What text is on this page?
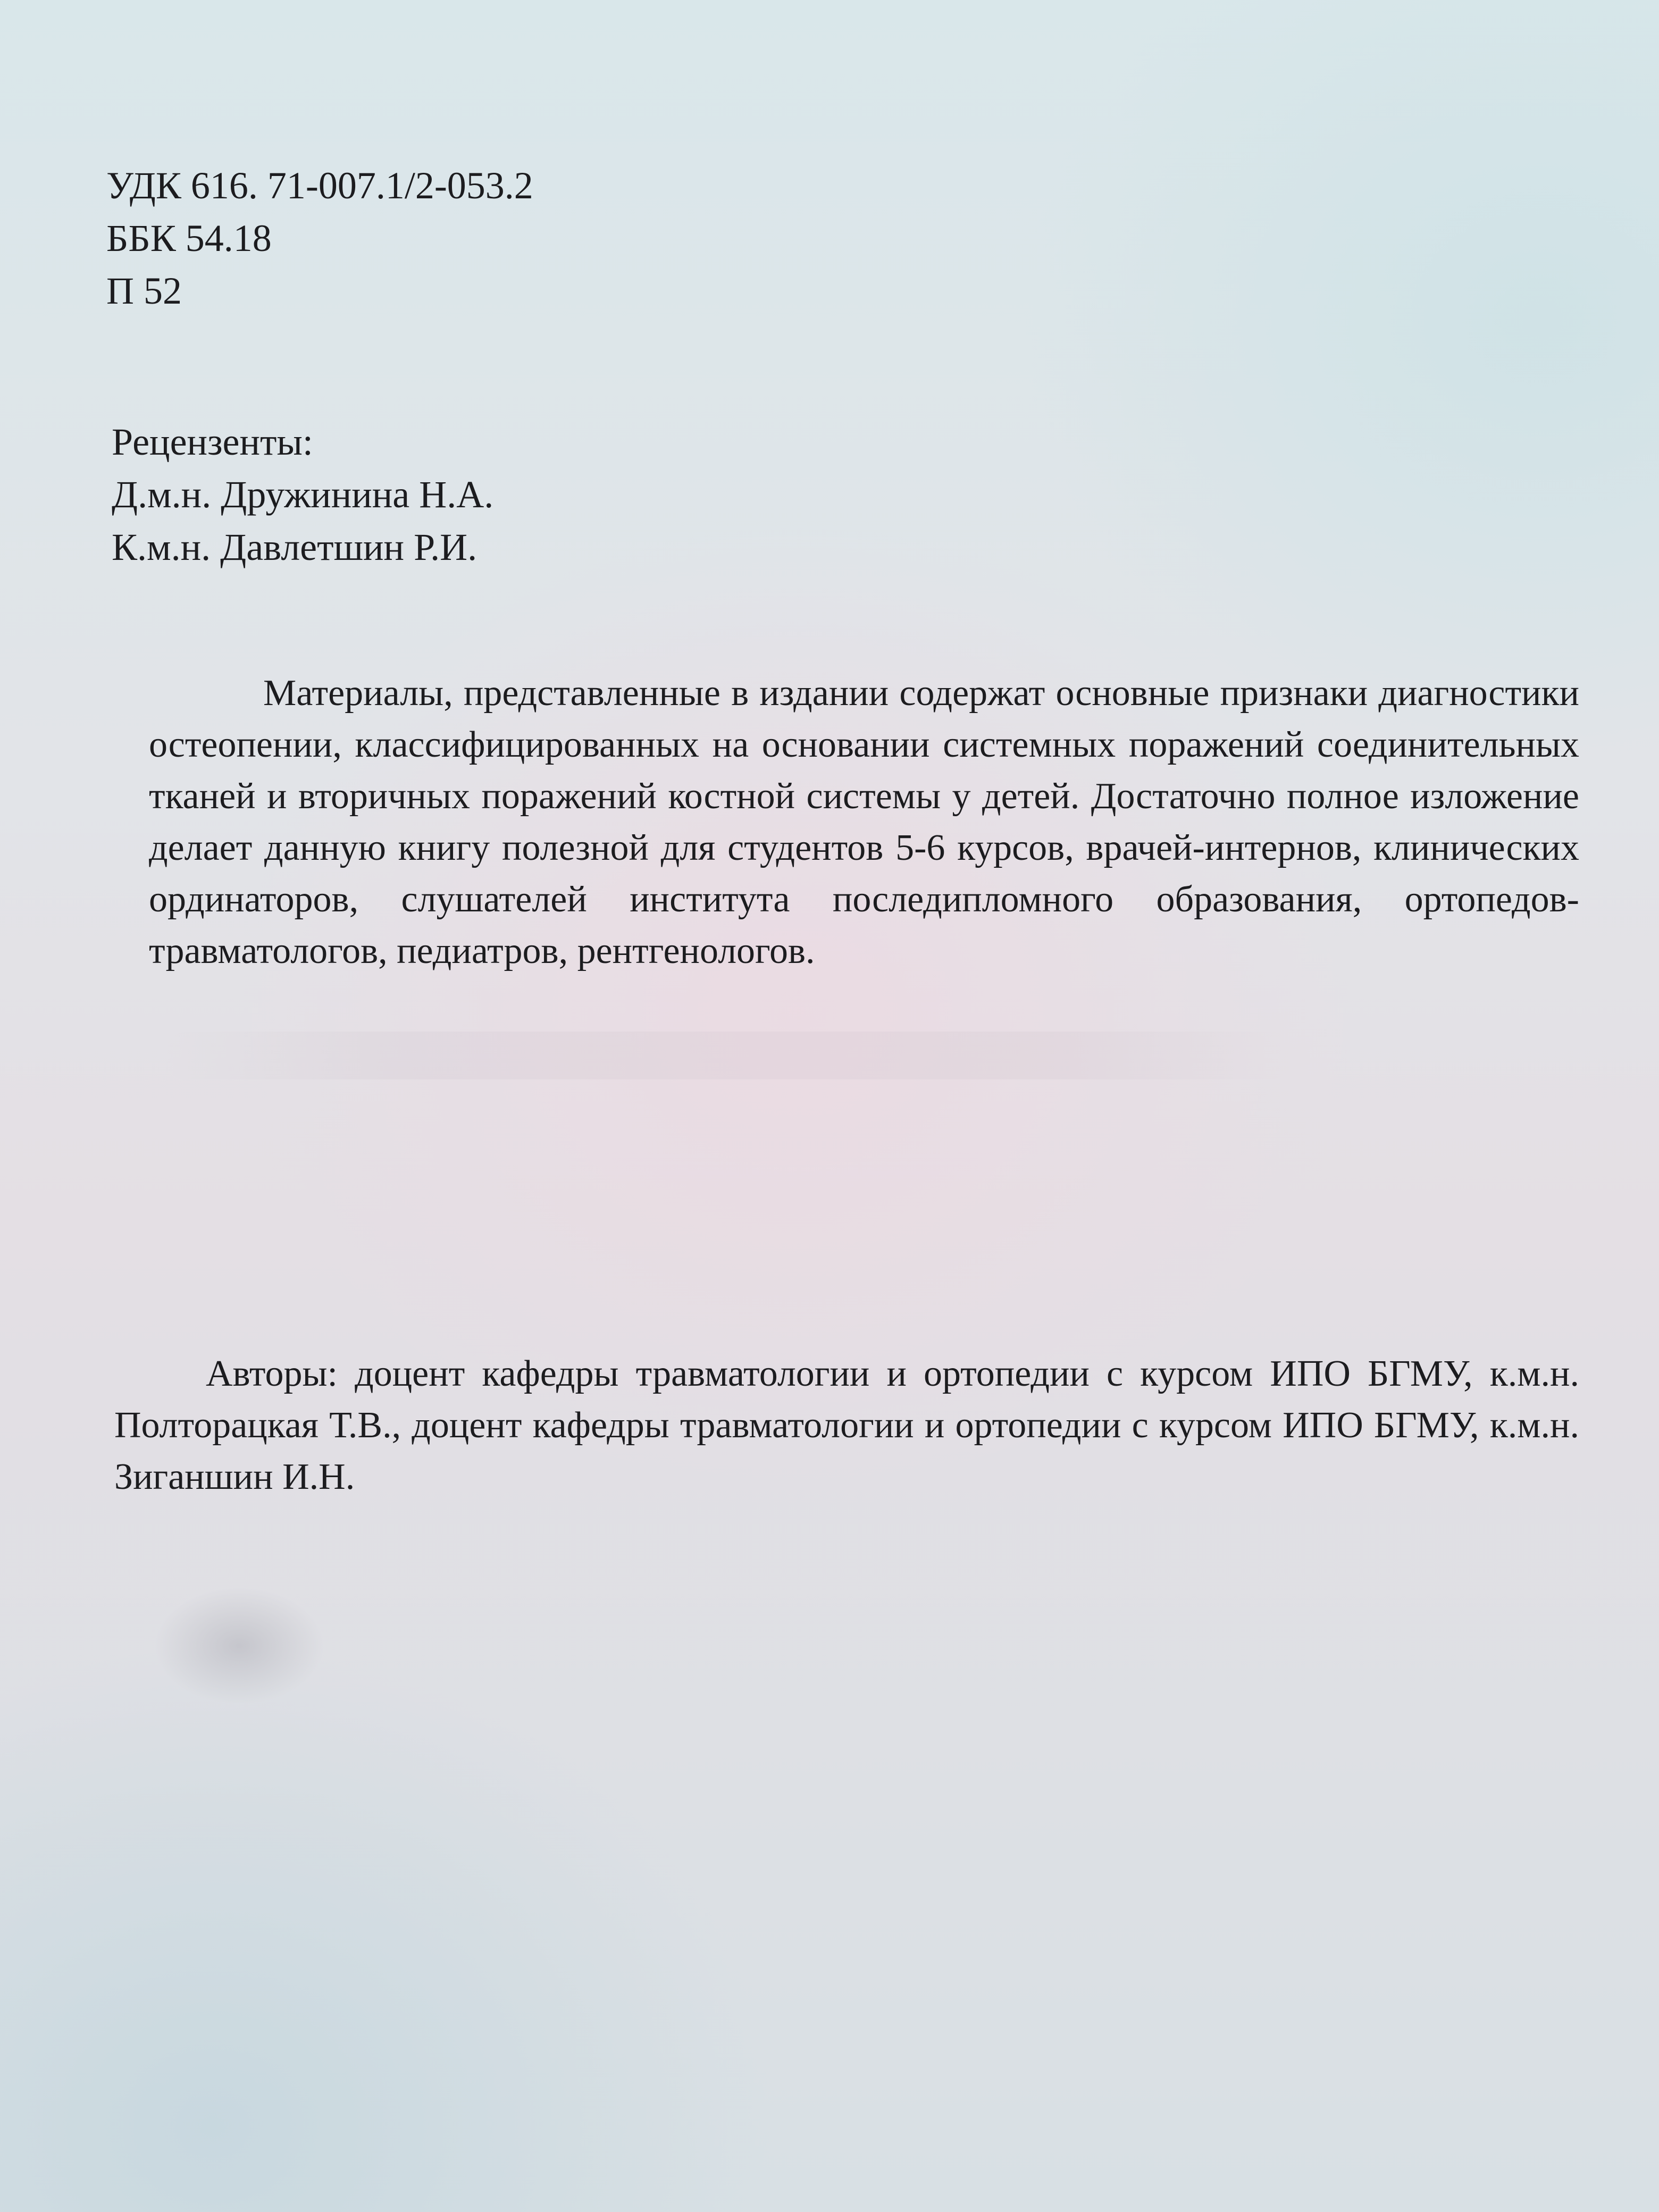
УДК 616. 71-007.1/2-053.2
ББК 54.18
П 52
Рецензенты:
Д.м.н. Дружинина Н.А.
К.м.н. Давлетшин Р.И.

Материалы, представленные в издании содержат основные признаки диагностики остеопении, классифицированных на основании системных поражений соединительных тканей и вторичных поражений костной системы у детей. Достаточно полное изложение делает данную книгу полезной для студентов 5-6 курсов, врачей-интернов, клинических ординаторов, слушателей института последипломного образования, ортопедов-травматологов, педиатров, рентгенологов.

Авторы: доцент кафедры травматологии и ортопедии с курсом ИПО БГМУ, к.м.н. Полторацкая Т.В., доцент кафедры травматологии и ортопедии с курсом ИПО БГМУ, к.м.н. Зиганшин И.Н.
